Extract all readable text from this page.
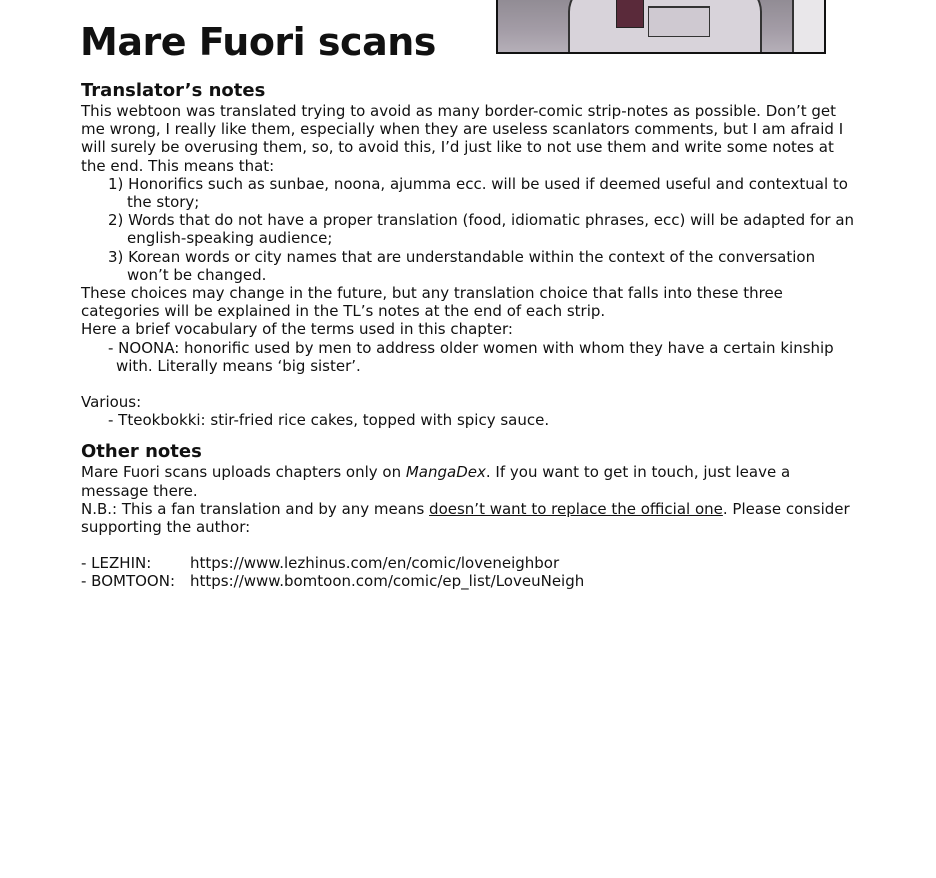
Mare Fuori scans
Translator’s notes

This webtoon was translated trying to avoid as many border-comic strip-notes as possible. Don’t get me wrong, I really like them, especially when they are useless scanlators comments, but I am afraid I will surely be overusing them, so, to avoid this, I’d just like to not use them and write some notes at the end. This means that:

1) Honorifics such as sunbae, noona, ajumma ecc. will be used if deemed useful and contextual to the story;

2) Words that do not have a proper translation (food, idiomatic phrases, ecc) will be adapted for an english-speaking audience;

3) Korean words or city names that are understandable within the context of the conversation won’t be changed.

These choices may change in the future, but any translation choice that falls into these three categories will be explained in the TL’s notes at the end of each strip.

Here a brief vocabulary of the terms used in this chapter:

- NOONA: honorific used by men to address older women with whom they have a certain kinship with. Literally means ‘big sister’.

Various:

- Tteokbokki: stir-fried rice cakes, topped with spicy sauce.

Other notes

Mare Fuori scans uploads chapters only on MangaDex. If you want to get in touch, just leave a message there.

N.B.: This a fan translation and by any means doesn’t want to replace the official one. Please consider supporting the author:

- LEZHIN:	https://www.lezhinus.com/en/comic/loveneighbor
- BOMTOON: https://www.bomtoon.com/comic/ep_list/LoveuNeigh
